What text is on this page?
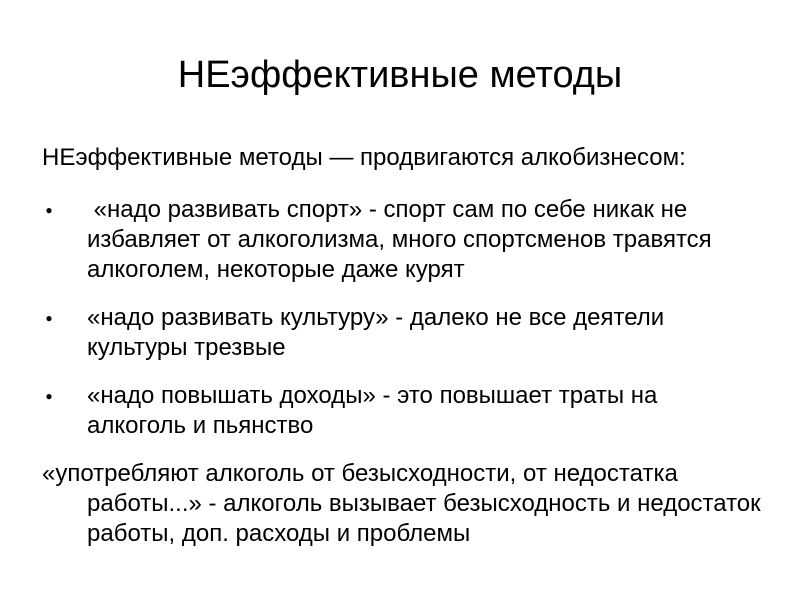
НЕэффективные методы
НЕэффективные методы — продвигаются алкобизнесом:
● «надо развивать спорт» - спорт сам по себе никак не избавляет от алкоголизма, много спортсменов травятся алкоголем, некоторые даже курят
● «надо развивать культуру» - далеко не все деятели культуры трезвые
● «надо повышать доходы» - это повышает траты на алкоголь и пьянство
«употребляют алкоголь от безысходности, от недостатка работы...» - алкоголь вызывает безысходность и недостаток работы, доп. расходы и проблемы
